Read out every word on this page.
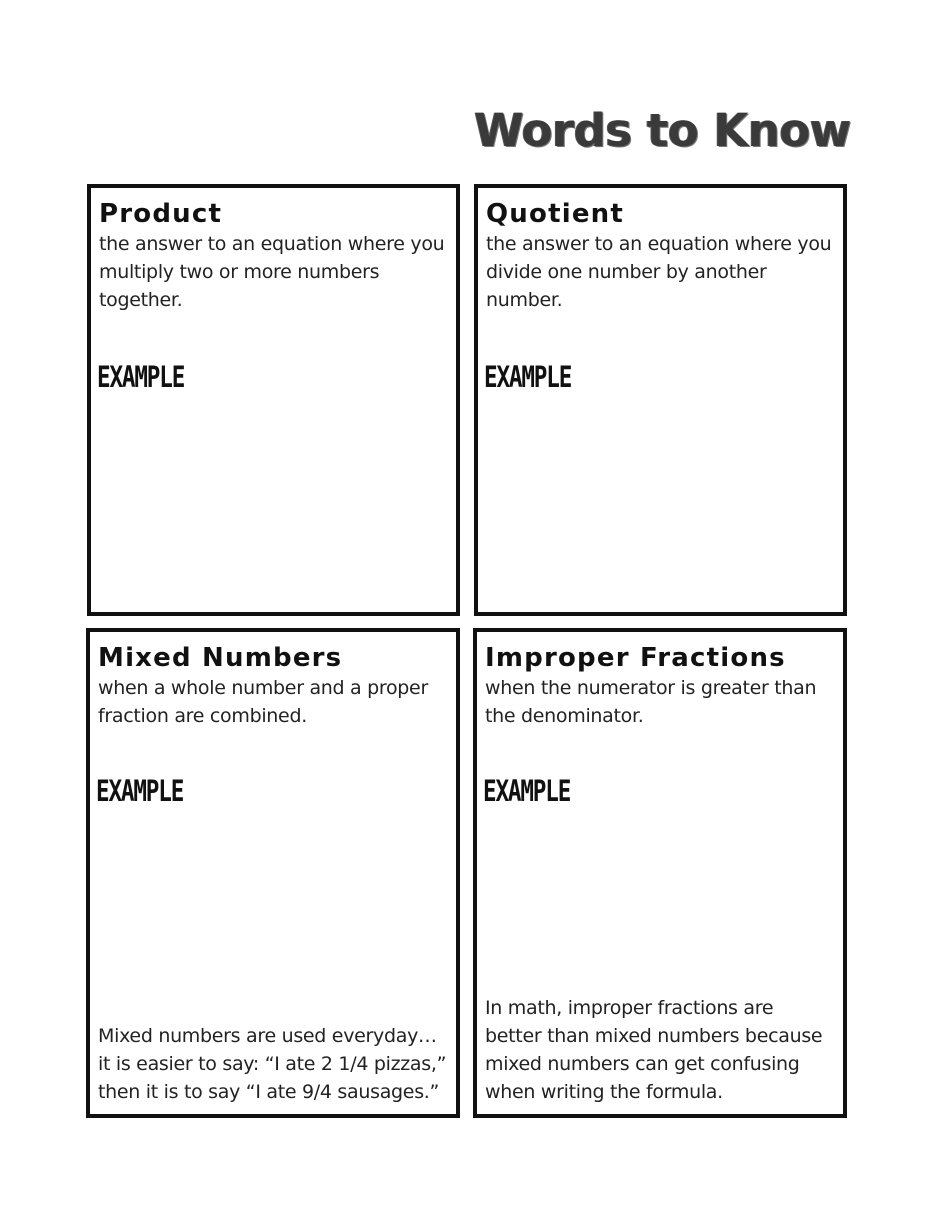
Words to Know
Product

the answer to an equation where you multiply two or more numbers together.

EXAMPLE

Quotient

the answer to an equation where you divide one number by another number.

EXAMPLE

Mixed Numbers

when a whole number and a proper fraction are combined.

EXAMPLE

Mixed numbers are used everyday… it is easier to say: “I ate 2 1/4 pizzas,” then it is to say “I ate 9/4 sausages.”

Improper Fractions

when the numerator is greater than the denominator.

EXAMPLE

In math, improper fractions are better than mixed numbers because mixed numbers can get confusing when writing the formula.
